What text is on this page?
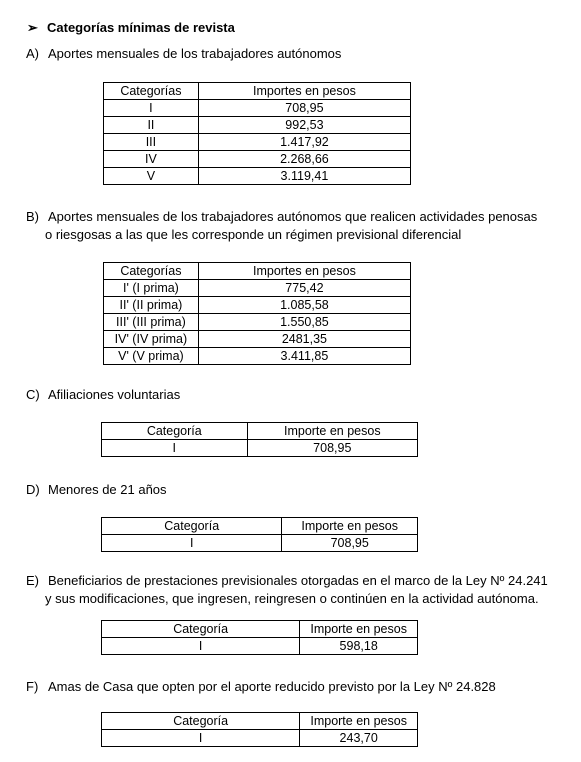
➢ Categorías mínimas de revista
A) Aportes mensuales de los trabajadores autónomos
Categorías	Importes en pesos
I	708,95
II	992,53
III	1.417,92
IV	2.268,66
V	3.119,41
B) Aportes mensuales de los trabajadores autónomos que realicen actividades penosas
o riesgosas a las que les corresponde un régimen previsional diferencial
Categorías	Importes en pesos
I' (I prima)	775,42
II' (II prima)	1.085,58
III' (III prima)	1.550,85
IV' (IV prima)	2481,35
V' (V prima)	3.411,85
C) Afiliaciones voluntarias
Categoría	Importe en pesos
I	708,95
D) Menores de 21 años
Categoría	Importe en pesos
I	708,95
E) Beneficiarios de prestaciones previsionales otorgadas en el marco de la Ley Nº 24.241
y sus modificaciones, que ingresen, reingresen o continúen en la actividad autónoma.
Categoría	Importe en pesos
I	598,18
F) Amas de Casa que opten por el aporte reducido previsto por la Ley Nº 24.828
Categoría	Importe en pesos
I	243,70
